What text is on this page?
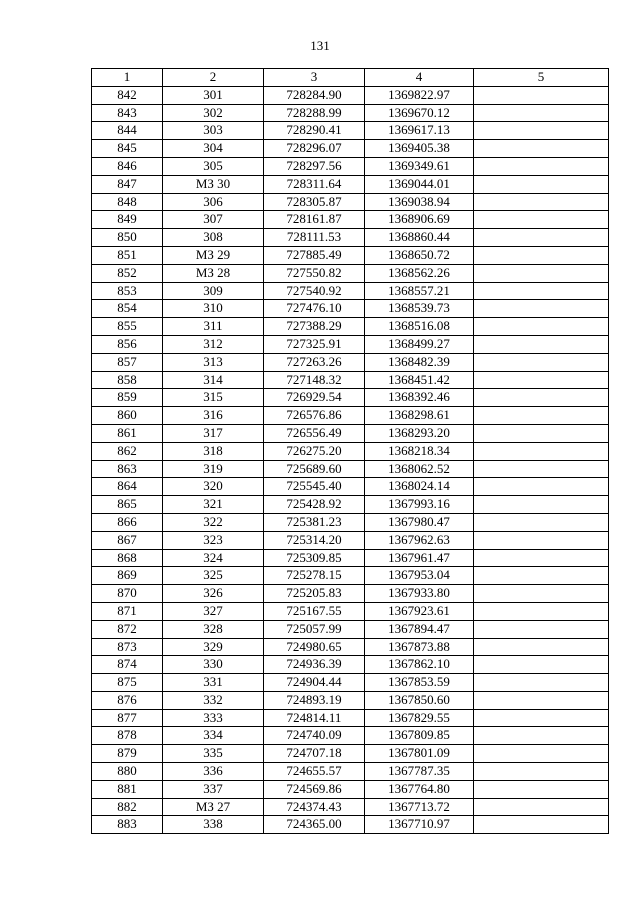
131
1	2	3	4	5
842	301	728284.90	1369822.97	
843	302	728288.99	1369670.12	
844	303	728290.41	1369617.13	
845	304	728296.07	1369405.38	
846	305	728297.56	1369349.61	
847	МЗ 30	728311.64	1369044.01	
848	306	728305.87	1369038.94	
849	307	728161.87	1368906.69	
850	308	728111.53	1368860.44	
851	МЗ 29	727885.49	1368650.72	
852	МЗ 28	727550.82	1368562.26	
853	309	727540.92	1368557.21	
854	310	727476.10	1368539.73	
855	311	727388.29	1368516.08	
856	312	727325.91	1368499.27	
857	313	727263.26	1368482.39	
858	314	727148.32	1368451.42	
859	315	726929.54	1368392.46	
860	316	726576.86	1368298.61	
861	317	726556.49	1368293.20	
862	318	726275.20	1368218.34	
863	319	725689.60	1368062.52	
864	320	725545.40	1368024.14	
865	321	725428.92	1367993.16	
866	322	725381.23	1367980.47	
867	323	725314.20	1367962.63	
868	324	725309.85	1367961.47	
869	325	725278.15	1367953.04	
870	326	725205.83	1367933.80	
871	327	725167.55	1367923.61	
872	328	725057.99	1367894.47	
873	329	724980.65	1367873.88	
874	330	724936.39	1367862.10	
875	331	724904.44	1367853.59	
876	332	724893.19	1367850.60	
877	333	724814.11	1367829.55	
878	334	724740.09	1367809.85	
879	335	724707.18	1367801.09	
880	336	724655.57	1367787.35	
881	337	724569.86	1367764.80	
882	МЗ 27	724374.43	1367713.72	
883	338	724365.00	1367710.97	
